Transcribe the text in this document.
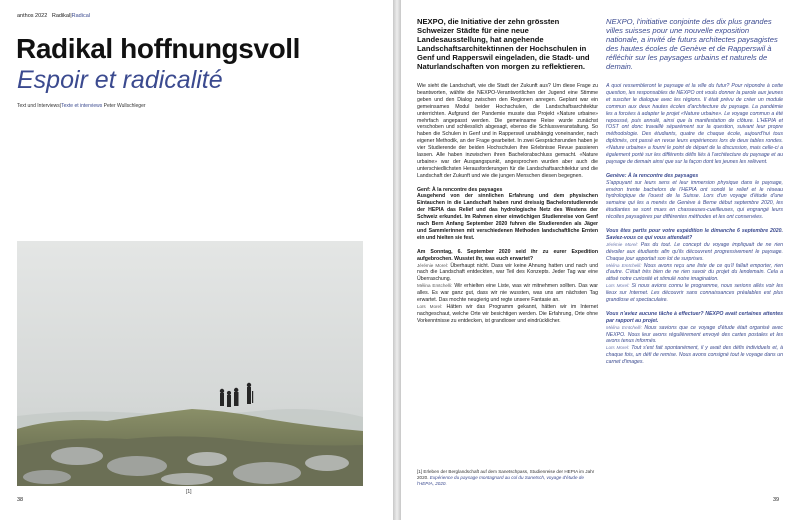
anthos 2022 Radikal|Radical
Radikal hoffnungsvoll
Espoir et radicalité
Text und Interviews|Texte et interviews Peter Wullschleger
[1]
38
NEXPO, die Initiative der zehn grössten Schweizer Städte für eine neue Landesausstellung, hat angehende Landschaftsarchitektinnen der Hochschulen in Genf und Rapperswil eingeladen, die Stadt- und Naturlandschaften von morgen zu reflektieren.
NEXPO, l'initiative conjointe des dix plus grandes villes suisses pour une nouvelle exposition nationale, a invité de futurs architectes paysagistes des hautes écoles de Genève et de Rapperswil à réfléchir sur les paysages urbains et naturels de demain.

Wie sieht die Landschaft, wie die Stadt der Zukunft aus? Um diese Frage zu beantworten, wählte die NEXPO-Verantwortlichen der Jugend eine Stimme geben und den Dialog zwischen den Regionen anregen. Geplant war ein gemeinsames Modul beider Hochschulen, die Landschaftsarchitektur unterrichten. Aufgrund der Pandemie musste das Projekt «Nature urbaine» mehrfach angepasst werden. Die gemeinsame Reise wurde zunächst verschoben und schliesslich abgesagt, ebenso die Schlussveranstaltung. So haben die Schulen in Genf und in Rapperswil unabhängig voneinander, nach eigener Methodik, an der Frage gearbeitet. In zwei Gesprächsrunden haben je vier Studierende der beiden Hochschulen ihre Erlebnisse Revue passieren lassen. Alle haben inzwischen ihren Bachelorabschluss gemacht. «Nature urbaine» war der Ausgangspunkt, angesprochen wurden aber auch die unterschiedlichsten Herausforderungen für die Landschaftsarchitektur und die Landschaft der Zukunft und wie die jungen Menschen diesen begegnen.

Genf: À la rencontre des paysages

Ausgehend von der sinnlichen Erfahrung und dem physischen Eintauchen in die Landschaft haben rund dreissig Bachelorstudierende der HEPIA das Relief und das hydrologische Netz des Westens der Schweiz erkundet. Im Rahmen einer einwöchigen Studienreise von Genf nach Bern Anfang September 2020 fuhren die Studierenden als Jäger und Sammlerinnen mit verschiedenen Methoden landschaftliche Ernten ein und hielten sie fest.

Am Sonntag, 6. September 2020 seid ihr zu eurer Expedition aufgebrochen. Wusstet ihr, was euch erwartet?

Jérémie Morel: Überhaupt nicht. Dass wir keine Ahnung hatten und nach und nach die Landschaft entdeckten, war Teil des Konzepts. Jeder Tag war eine Überraschung.

Mélina Emtchelli: Wir erhielten eine Liste, was wir mitnehmen sollten. Das war alles. Es war ganz gut, dass wir nie wussten, was uns am nächsten Tag erwartet. Das mochte neugierig und regte unsere Fantasie an.

Loïs Morel: Hätten wir das Programm gekannt, hätten wir im Internet nachgeschaut, welche Orte wir besichtigen werden. Die Erfahrung, Orte ohne Vorkenntnisse zu entdecken, ist grandioser und eindrücklicher.

[1] Erleben der Berglandschaft auf dem Sanetschpass, Studienreise der HEPIA im Jahr 2020. Expérience du paysage montagnard au col du Sanetsch, voyage d'étude de l'HEPIA, 2020.

À quoi ressembleront le paysage et la ville du futur? Pour répondre à cette question, les responsables de NEXPO ont voulu donner la parole aux jeunes et susciter le dialogue avec les régions. Il était prévu de créer un module commun aux deux hautes écoles d'architecture du paysage. La pandémie les a forcées à adapter le projet «Nature urbaine». Le voyage commun a été repoussé, puis annulé, ainsi que la manifestation de clôture. L'HEPIA et l'OST ont donc travaillé séparément sur la question, suivant leur propre méthodologie. Des étudiants, quatre de chaque école, aujourd'hui tous diplômés, ont passé en revue leurs expériences lors de deux tables rondes. «Nature urbaine» a fourni le point de départ de la discussion, mais celle-ci a également porté sur les différents défis liés à l'architecture du paysage et au paysage de demain ainsi que sur la façon dont les jeunes les relèvent.

Genève: À la rencontre des paysages

S'appuyant sur leurs sens et leur immersion physique dans le paysage, environ trente bachelors de l'HEPIA ont sondé le relief et le réseau hydrologique de l'ouest de la Suisse. Lors d'un voyage d'étude d'une semaine qui les a menés de Genève à Berne début septembre 2020, les étudiantes se sont mues en chasseuses-cueilleuses, qui engrangé leurs récoltes paysagères par différentes méthodes et les ont conservées.

Vous êtes partis pour votre expédition le dimanche 6 septembre 2020. Saviez-vous ce qui vous attendait?

Jérémie Morel: Pas du tout. Le concept du voyage impliquait de ne rien dévoiler aux étudiants afin qu'ils découvrent progressivement le paysage. Chaque jour apportait son lot de surprises.

Mélina Emtchelli: Nous avons reçu une liste de ce qu'il fallait emporter, rien d'autre. C'était très bien de ne rien savoir du projet du lendemain. Cela a attisé notre curiosité et stimulé notre imagination.

Loïs Morel: Si nous avions connu le programme, nous serions allés voir les lieux sur Internet. Les découvrir sans connaissances préalables est plus grandiose et spectaculaire.

Vous n'aviez aucune tâche à effectuer? NEXPO avait certaines attentes par rapport au projet.

Mélina Emtchelli: Nous savions que ce voyage d'étude était organisé avec NEXPO. Nous leur avons régulièrement envoyé des cartes postales et les avons tenus informés.

Loïs Morel: Tout s'est fait spontanément, il y avait des défis individuels et, à chaque fois, un défi de remise. Nous avons consigné tout le voyage dans un carnet d'images.

39
